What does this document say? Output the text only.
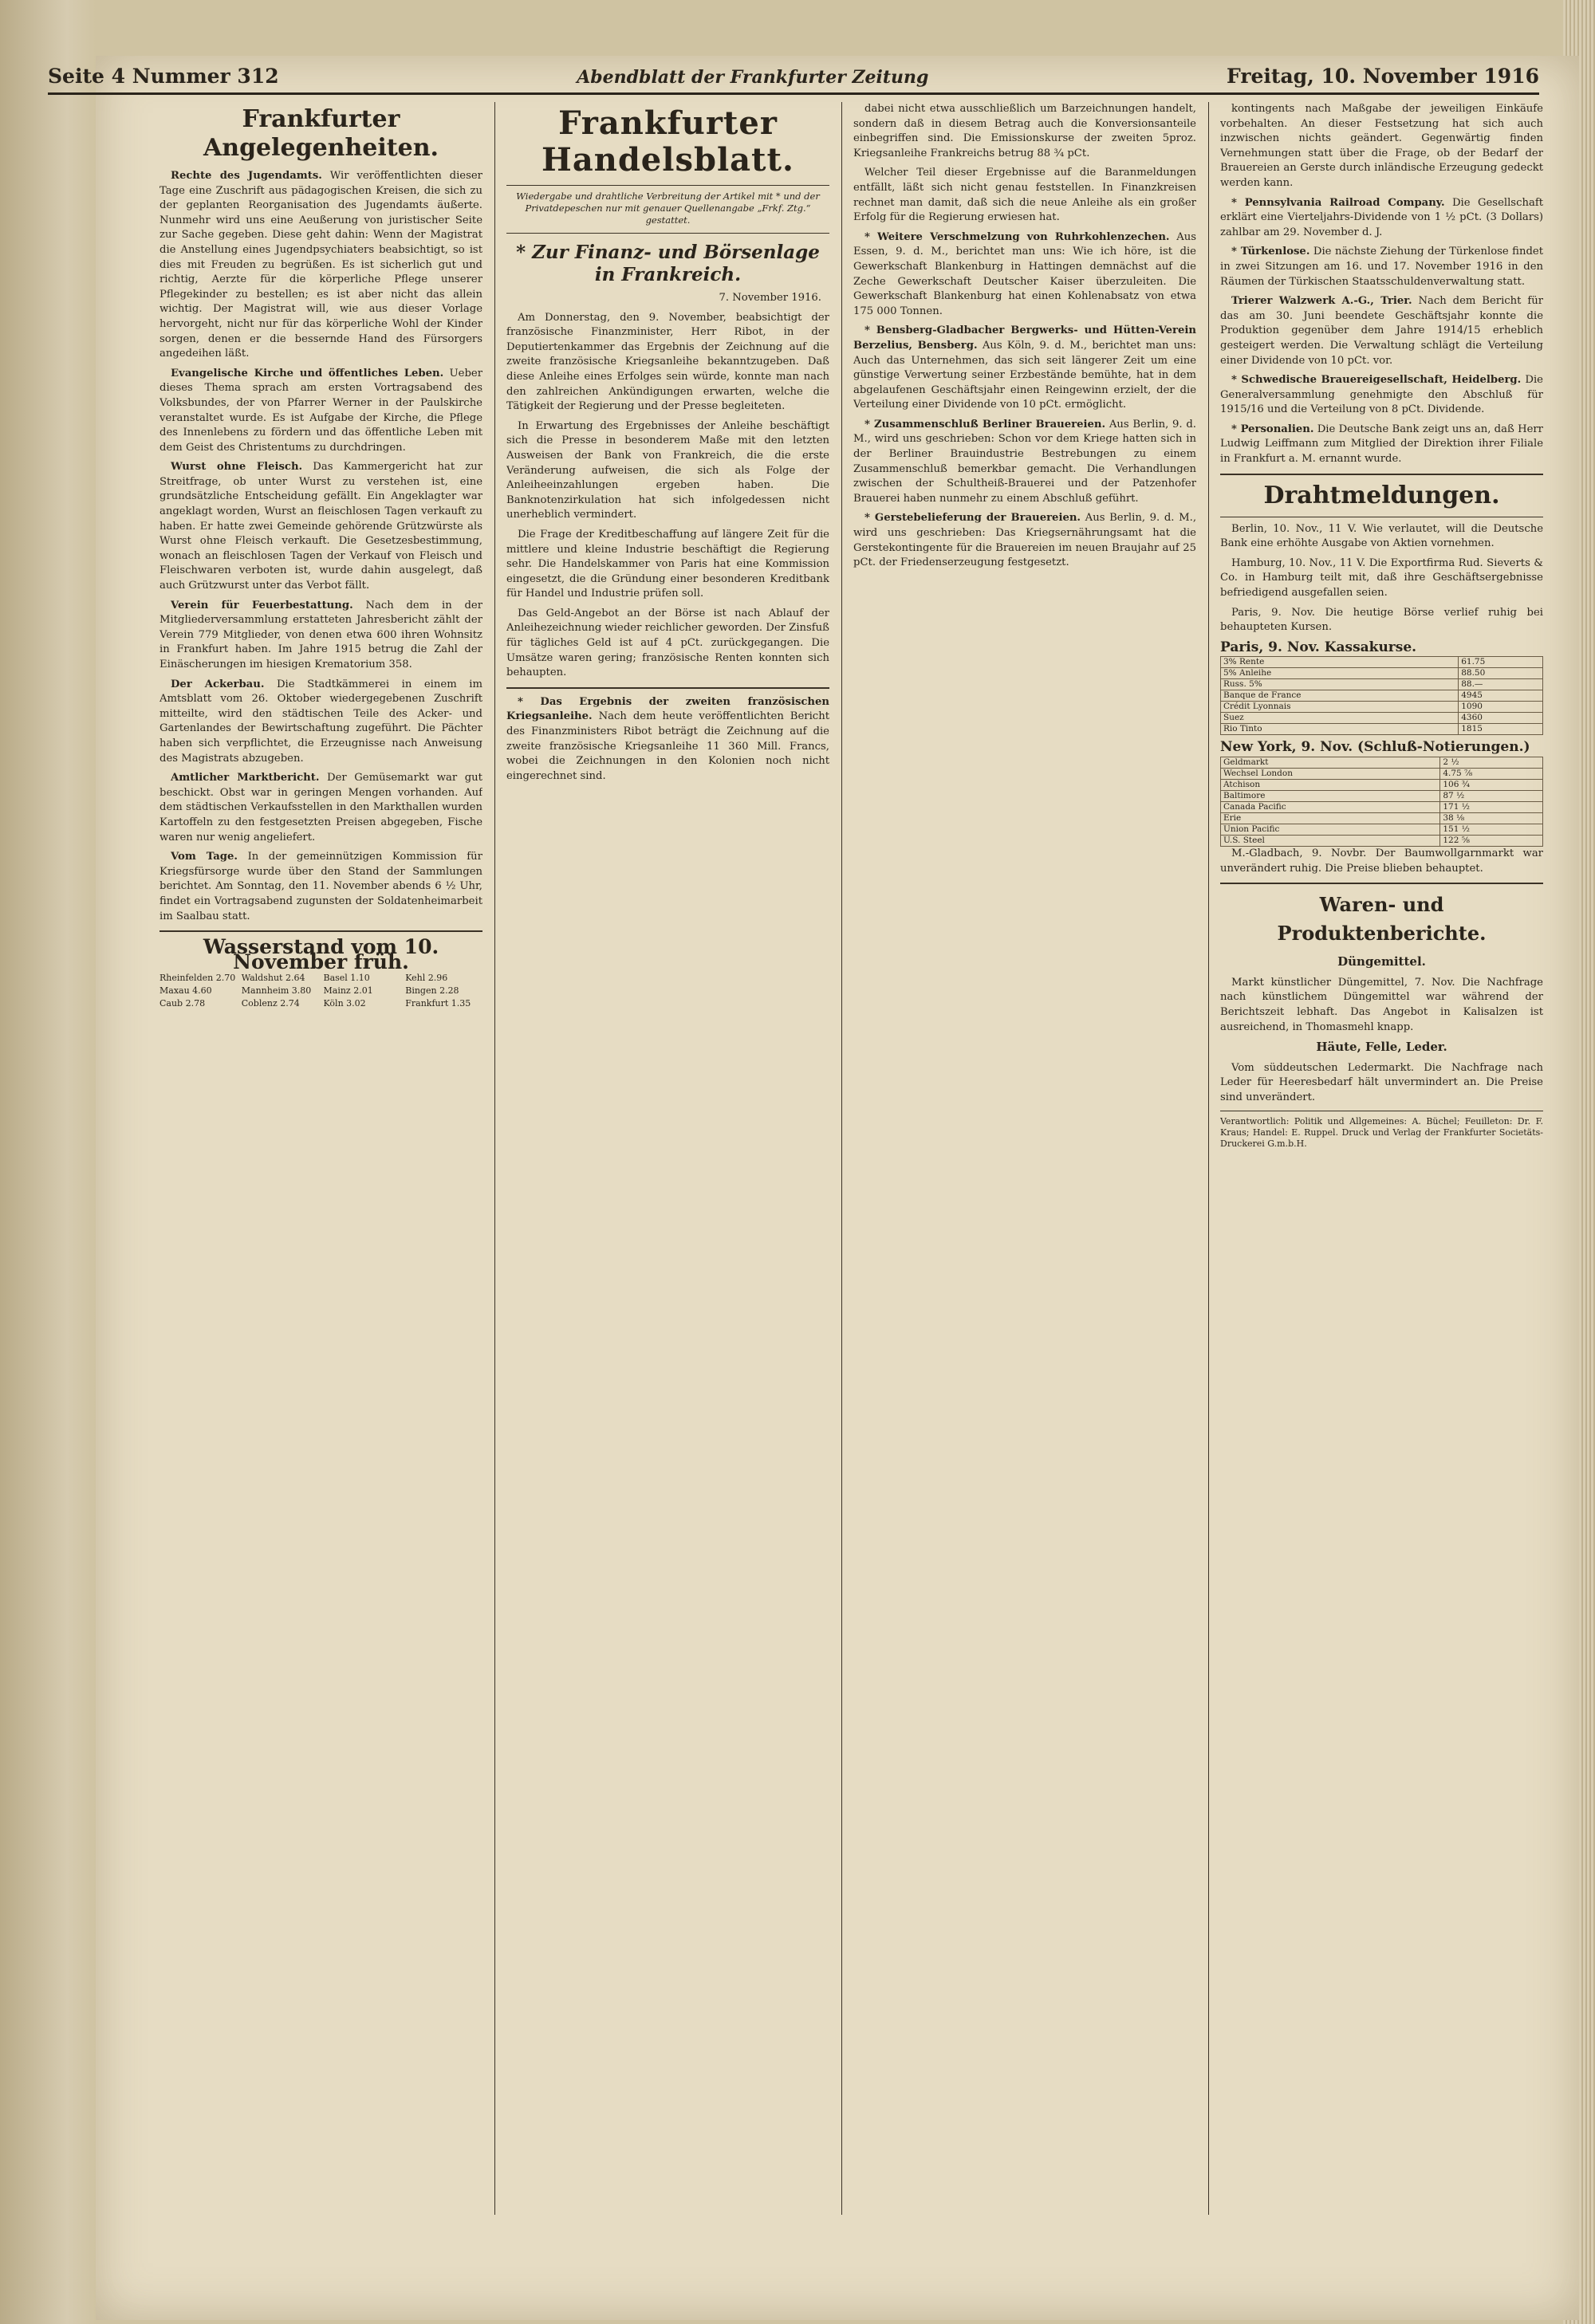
Seite 4 Nummer 312	Abendblatt der Frankfurter Zeitung	Freitag, 10. November 1916
Frankfurter Angelegenheiten.

Rechte des Jugendamts. Wir veröffentlichten dieser Tage eine Zuschrift aus pädagogischen Kreisen, die sich zu der geplanten Reorganisation des Jugendamts äußerte. Nunmehr wird uns eine Aeußerung von juristischer Seite zur Sache gegeben. Diese geht dahin: Wenn der Magistrat die Anstellung eines Jugendpsychiaters beabsichtigt, so ist dies mit Freuden zu begrüßen. Es ist sicherlich gut und richtig, Aerzte für die körperliche Pflege unserer Pflegekinder zu bestellen; es ist aber nicht das allein wichtig. Der Magistrat will, wie aus dieser Vorlage hervorgeht, nicht nur für das körperliche Wohl der Kinder sorgen, denen er die bessernde Hand des Fürsorgers angedeihen läßt.

Evangelische Kirche und öffentliches Leben. Ueber dieses Thema sprach am ersten Vortragsabend des Volksbundes, der von Pfarrer Werner in der Paulskirche veranstaltet wurde. Es ist Aufgabe der Kirche, die Pflege des Innenlebens zu fördern und das öffentliche Leben mit dem Geist des Christentums zu durchdringen.

Wurst ohne Fleisch. Das Kammergericht hat zur Streitfrage, ob unter Wurst zu verstehen ist, eine grundsätzliche Entscheidung gefällt. Ein Angeklagter war angeklagt worden, Wurst an fleischlosen Tagen verkauft zu haben. Er hatte zwei Gemeinde gehörende Grützwürste als Wurst ohne Fleisch verkauft. Die Gesetzesbestimmung, wonach an fleischlosen Tagen der Verkauf von Fleisch und Fleischwaren verboten ist, wurde dahin ausgelegt, daß auch Grützwurst unter das Verbot fällt.

Verein für Feuerbestattung. Nach dem in der Mitgliederversammlung erstatteten Jahresbericht zählt der Verein 779 Mitglieder, von denen etwa 600 ihren Wohnsitz in Frankfurt haben. Im Jahre 1915 betrug die Zahl der Einäscherungen im hiesigen Krematorium 358.

Der Ackerbau. Die Stadtkämmerei in einem im Amtsblatt vom 26. Oktober wiedergegebenen Zuschrift mitteilte, wird den städtischen Teile des Acker- und Gartenlandes der Bewirtschaftung zugeführt. Die Pächter haben sich verpflichtet, die Erzeugnisse nach Anweisung des Magistrats abzugeben.

Amtlicher Marktbericht. Der Gemüsemarkt war gut beschickt. Obst war in geringen Mengen vorhanden. Auf dem städtischen Verkaufsstellen in den Markthallen wurden Kartoffeln zu den festgesetzten Preisen abgegeben, Fische waren nur wenig angeliefert.

Vom Tage. In der gemeinnützigen Kommission für Kriegsfürsorge wurde über den Stand der Sammlungen berichtet. Am Sonntag, den 11. November abends 6 ½ Uhr, findet ein Vortragsabend zugunsten der Soldatenheimarbeit im Saalbau statt.

Wasserstand vom 10. November früh.
Rheinfelden 2.70 Waldshut 2.64	Basel 1.10	Kehl 2.96
Maxau 4.60	Mannheim 3.80	Mainz 2.01	Bingen 2.28
Caub 2.78	Coblenz 2.74	Köln 3.02	Frankfurt 1.35
Frankfurter Handelsblatt.
Wiedergabe und drahtliche Verbreitung der Artikel mit * und der Privatdepeschen nur mit genauer Quellenangabe „Frkf. Ztg.“ gestattet.
* Zur Finanz- und Börsenlage in Frankreich.
7. November 1916.

Am Donnerstag, den 9. November, beabsichtigt der französische Finanzminister, Herr Ribot, in der Deputiertenkammer das Ergebnis der Zeichnung auf die zweite französische Kriegsanleihe bekanntzugeben. Daß diese Anleihe eines Erfolges sein würde, konnte man nach den zahlreichen Ankündigungen erwarten, welche die Tätigkeit der Regierung und der Presse begleiteten.

In Erwartung des Ergebnisses der Anleihe beschäftigt sich die Presse in besonderem Maße mit den letzten Ausweisen der Bank von Frankreich, die die erste Veränderung aufweisen, die sich als Folge der Anleiheeinzahlungen ergeben haben. Die Banknotenzirkulation hat sich infolgedessen nicht unerheblich vermindert.

Die Frage der Kreditbeschaffung auf längere Zeit für die mittlere und kleine Industrie beschäftigt die Regierung sehr. Die Handelskammer von Paris hat eine Kommission eingesetzt, die die Gründung einer besonderen Kreditbank für Handel und Industrie prüfen soll.

Das Geld-Angebot an der Börse ist nach Ablauf der Anleihezeichnung wieder reichlicher geworden. Der Zinsfuß für tägliches Geld ist auf 4 pCt. zurückgegangen. Die Umsätze waren gering; französische Renten konnten sich behaupten.

* Das Ergebnis der zweiten französischen Kriegsanleihe. Nach dem heute veröffentlichten Bericht des Finanzministers Ribot beträgt die Zeichnung auf die zweite französische Kriegsanleihe 11 360 Mill. Francs, wobei die Zeichnungen in den Kolonien noch nicht eingerechnet sind.

dabei nicht etwa ausschließlich um Barzeichnungen handelt, sondern daß in diesem Betrag auch die Konversionsanteile einbegriffen sind. Die Emissionskurse der zweiten 5proz. Kriegsanleihe Frankreichs betrug 88 ¾ pCt.

Welcher Teil dieser Ergebnisse auf die Baranmeldungen entfällt, läßt sich nicht genau feststellen. In Finanzkreisen rechnet man damit, daß sich die neue Anleihe als ein großer Erfolg für die Regierung erwiesen hat.

* Weitere Verschmelzung von Ruhrkohlenzechen. Aus Essen, 9. d. M., berichtet man uns: Wie ich höre, ist die Gewerkschaft Blankenburg in Hattingen demnächst auf die Zeche Gewerkschaft Deutscher Kaiser überzuleiten. Die Gewerkschaft Blankenburg hat einen Kohlenabsatz von etwa 175 000 Tonnen.

* Bensberg-Gladbacher Bergwerks- und Hütten-Verein Berzelius, Bensberg. Aus Köln, 9. d. M., berichtet man uns: Auch das Unternehmen, das sich seit längerer Zeit um eine günstige Verwertung seiner Erzbestände bemühte, hat in dem abgelaufenen Geschäftsjahr einen Reingewinn erzielt, der die Verteilung einer Dividende von 10 pCt. ermöglicht.

* Zusammenschluß Berliner Brauereien. Aus Berlin, 9. d. M., wird uns geschrieben: Schon vor dem Kriege hatten sich in der Berliner Brauindustrie Bestrebungen zu einem Zusammenschluß bemerkbar gemacht. Die Verhandlungen zwischen der Schultheiß-Brauerei und der Patzenhofer Brauerei haben nunmehr zu einem Abschluß geführt.

* Gerstebelieferung der Brauereien. Aus Berlin, 9. d. M., wird uns geschrieben: Das Kriegsernährungsamt hat die Gerstekontingente für die Brauereien im neuen Braujahr auf 25 pCt. der Friedenserzeugung festgesetzt.

kontingents nach Maßgabe der jeweiligen Einkäufe vorbehalten. An dieser Festsetzung hat sich auch inzwischen nichts geändert. Gegenwärtig finden Vernehmungen statt über die Frage, ob der Bedarf der Brauereien an Gerste durch inländische Erzeugung gedeckt werden kann.

* Pennsylvania Railroad Company. Die Gesellschaft erklärt eine Vierteljahrs-Dividende von 1 ½ pCt. (3 Dollars) zahlbar am 29. November d. J.

* Türkenlose. Die nächste Ziehung der Türkenlose findet in zwei Sitzungen am 16. und 17. November 1916 in den Räumen der Türkischen Staatsschuldenverwaltung statt.

Trierer Walzwerk A.-G., Trier. Nach dem Bericht für das am 30. Juni beendete Geschäftsjahr konnte die Produktion gegenüber dem Jahre 1914/15 erheblich gesteigert werden. Die Verwaltung schlägt die Verteilung einer Dividende von 10 pCt. vor.

* Schwedische Brauereigesellschaft, Heidelberg. Die Generalversammlung genehmigte den Abschluß für 1915/16 und die Verteilung von 8 pCt. Dividende.

* Personalien. Die Deutsche Bank zeigt uns an, daß Herr Ludwig Leiffmann zum Mitglied der Direktion ihrer Filiale in Frankfurt a. M. ernannt wurde.

Drahtmeldungen.

Berlin, 10. Nov., 11 V. Wie verlautet, will die Deutsche Bank eine erhöhte Ausgabe von Aktien vornehmen.

Hamburg, 10. Nov., 11 V. Die Exportfirma Rud. Sieverts & Co. in Hamburg teilt mit, daß ihre Geschäftsergebnisse befriedigend ausgefallen seien.

Paris, 9. Nov. Die heutige Börse verlief ruhig bei behaupteten Kursen.

Paris, 9. Nov. Kassakurse.
3% Rente	61.75
5% Anleihe	88.50
Russ. 5%	88.—
Banque de France	4945
Crédit Lyonnais	1090
Suez	4360
Rio Tinto	1815
New York, 9. Nov. (Schluß-Notierungen.)
Geldmarkt	2 ½
Wechsel London	4.75 ⅞
Atchison	106 ¾
Baltimore	87 ½
Canada Pacific	171 ½
Erie	38 ⅛
Union Pacific	151 ½
U.S. Steel	122 ⅝

M.-Gladbach, 9. Novbr. Der Baumwollgarnmarkt war unverändert ruhig. Die Preise blieben behauptet.

Waren- und Produktenberichte.
Düngemittel.

Markt künstlicher Düngemittel, 7. Nov. Die Nachfrage nach künstlichem Düngemittel war während der Berichtszeit lebhaft. Das Angebot in Kalisalzen ist ausreichend, in Thomasmehl knapp.

Häute, Felle, Leder.

Vom süddeutschen Ledermarkt. Die Nachfrage nach Leder für Heeresbedarf hält unvermindert an. Die Preise sind unverändert.

Verantwortlich: Politik und Allgemeines: A. Büchel; Feuilleton: Dr. F. Kraus; Handel: E. Ruppel. Druck und Verlag der Frankfurter Societäts-Druckerei G.m.b.H.
